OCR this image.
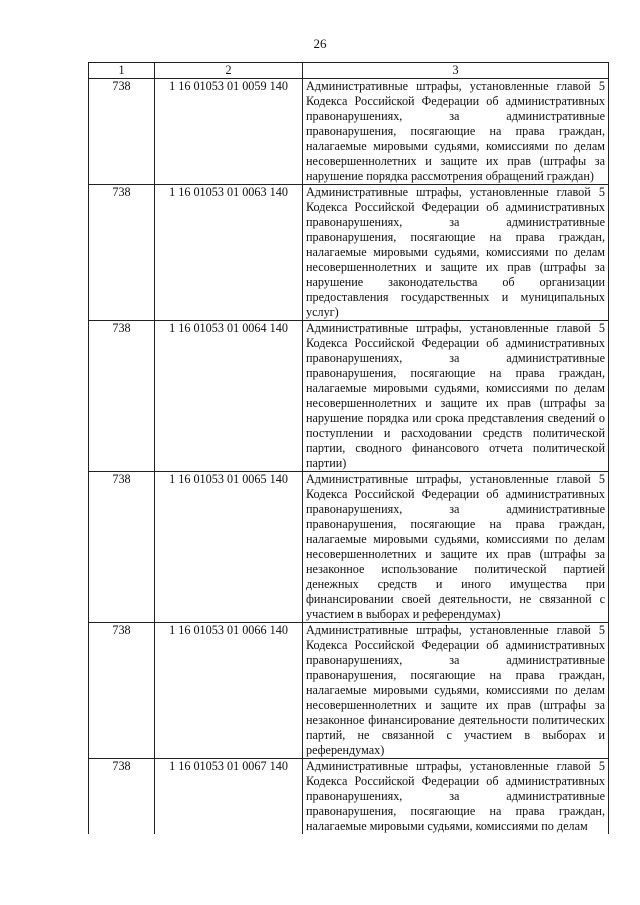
26
1	2	3
738	1 16 01053 01 0059 140	Административные штрафы, установленные главой 5 Кодекса Российской Федерации об административных правонарушениях, за административные правонарушения, посягающие на права граждан, налагаемые мировыми судьями, комиссиями по делам несовершеннолетних и защите их прав (штрафы за нарушение порядка рассмотрения обращений граждан)
738	1 16 01053 01 0063 140	Административные штрафы, установленные главой 5 Кодекса Российской Федерации об административных правонарушениях, за административные правонарушения, посягающие на права граждан, налагаемые мировыми судьями, комиссиями по делам несовершеннолетних и защите их прав (штрафы за нарушение законодательства об организации предоставления государственных и муниципальных услуг)
738	1 16 01053 01 0064 140	Административные штрафы, установленные главой 5 Кодекса Российской Федерации об административных правонарушениях, за административные правонарушения, посягающие на права граждан, налагаемые мировыми судьями, комиссиями по делам несовершеннолетних и защите их прав (штрафы за нарушение порядка или срока представления сведений о поступлении и расходовании средств политической партии, сводного финансового отчета политической партии)
738	1 16 01053 01 0065 140	Административные штрафы, установленные главой 5 Кодекса Российской Федерации об административных правонарушениях, за административные правонарушения, посягающие на права граждан, налагаемые мировыми судьями, комиссиями по делам несовершеннолетних и защите их прав (штрафы за незаконное использование политической партией денежных средств и иного имущества при финансировании своей деятельности, не связанной с участием в выборах и референдумах)
738	1 16 01053 01 0066 140	Административные штрафы, установленные главой 5 Кодекса Российской Федерации об административных правонарушениях, за административные правонарушения, посягающие на права граждан, налагаемые мировыми судьями, комиссиями по делам несовершеннолетних и защите их прав (штрафы за незаконное финансирование деятельности политических партий, не связанной с участием в выборах и референдумах)
738	1 16 01053 01 0067 140	Административные штрафы, установленные главой 5 Кодекса Российской Федерации об административных правонарушениях, за административные правонарушения, посягающие на права граждан, налагаемые мировыми судьями, комиссиями по делам
